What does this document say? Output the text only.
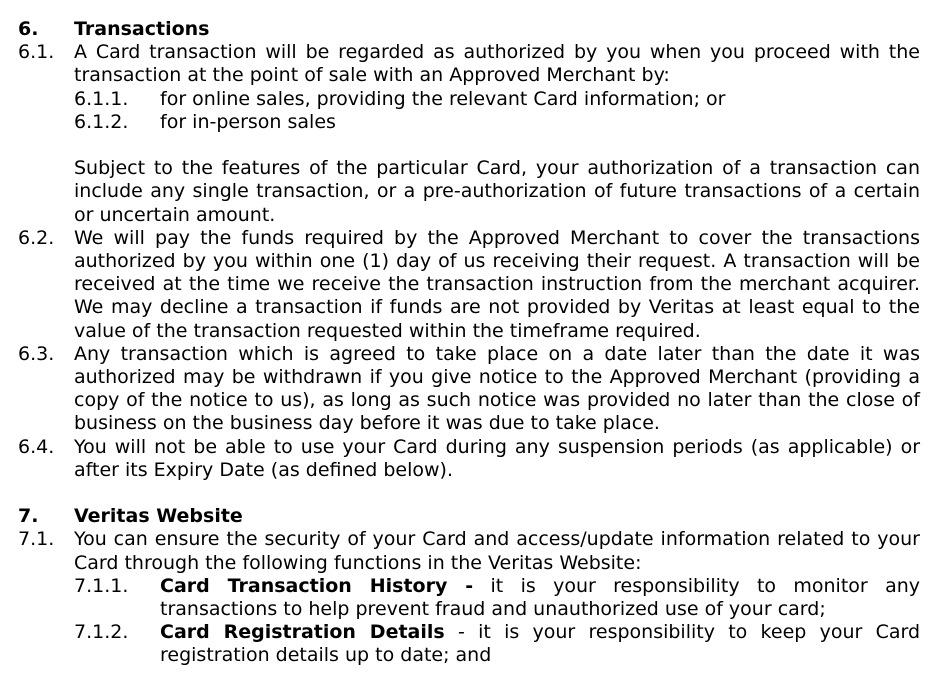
6.	Transactions
6.1.	A Card transaction will be regarded as authorized by you when you proceed with the transaction at the point of sale with an Approved Merchant by:
6.1.1.	for online sales, providing the relevant Card information; or
6.1.2.	for in-person sales
Subject to the features of the particular Card, your authorization of a transaction can include any single transaction, or a pre-authorization of future transactions of a certain or uncertain amount.
6.2.	We will pay the funds required by the Approved Merchant to cover the transactions authorized by you within one (1) day of us receiving their request. A transaction will be received at the time we receive the transaction instruction from the merchant acquirer. We may decline a transaction if funds are not provided by Veritas at least equal to the value of the transaction requested within the timeframe required.
6.3.	Any transaction which is agreed to take place on a date later than the date it was authorized may be withdrawn if you give notice to the Approved Merchant (providing a copy of the notice to us), as long as such notice was provided no later than the close of business on the business day before it was due to take place.
6.4.	You will not be able to use your Card during any suspension periods (as applicable) or after its Expiry Date (as defined below).
7.	Veritas Website
7.1.	You can ensure the security of your Card and access/update information related to your Card through the following functions in the Veritas Website:
7.1.1.	Card Transaction History - it is your responsibility to monitor any transactions to help prevent fraud and unauthorized use of your card;
7.1.2.	Card Registration Details - it is your responsibility to keep your Card registration details up to date; and
